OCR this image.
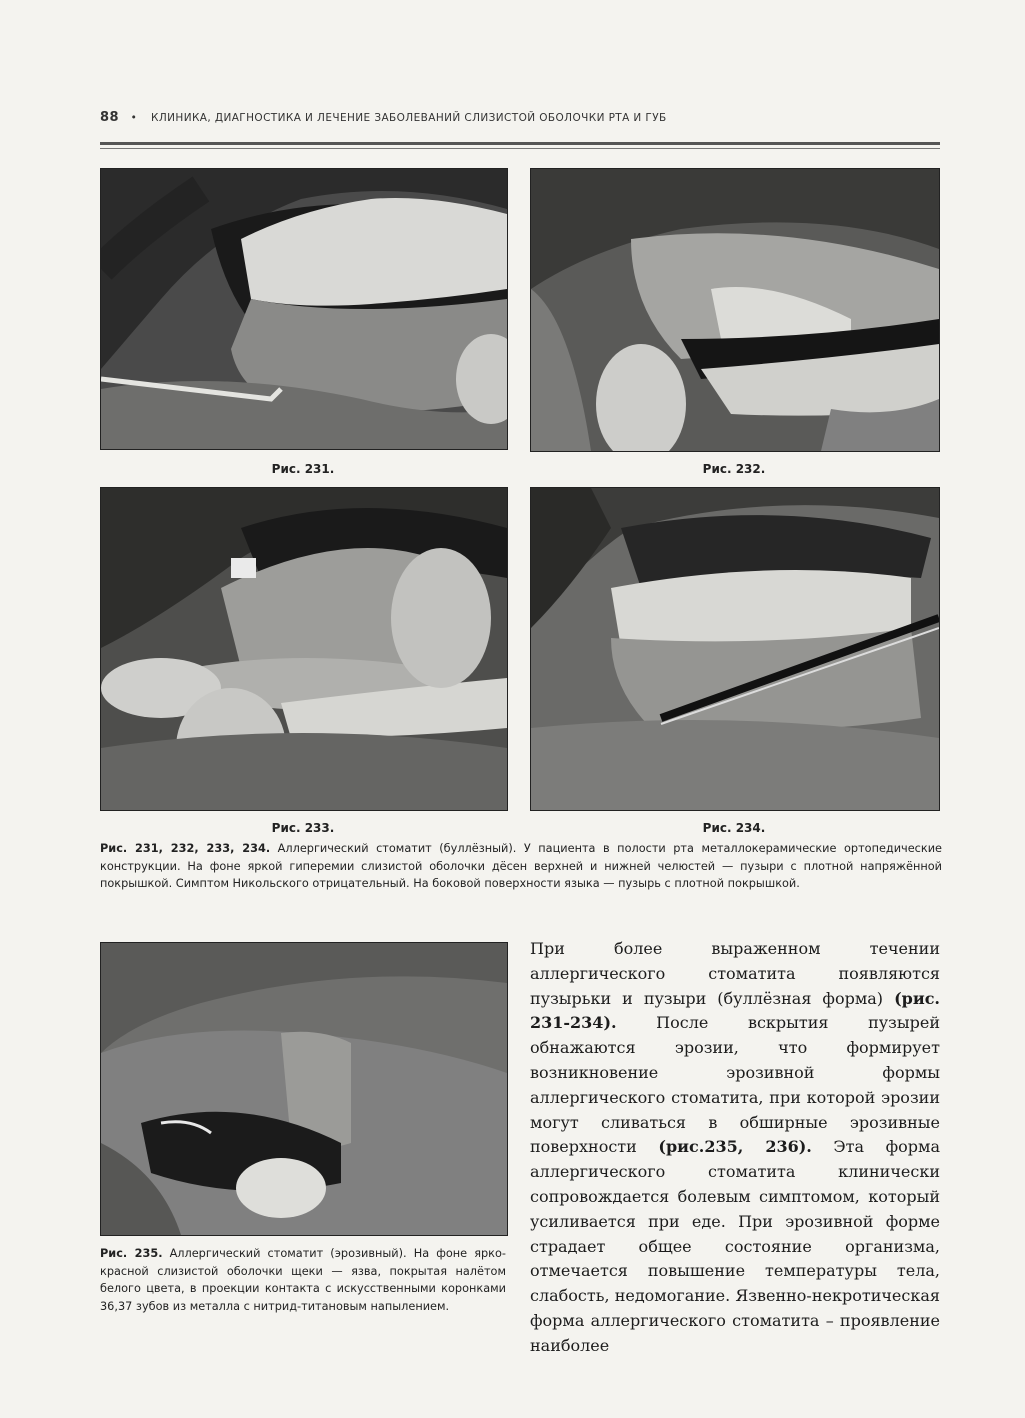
88 • КЛИНИКА, ДИАГНОСТИКА И ЛЕЧЕНИЕ ЗАБОЛЕВАНИЙ СЛИЗИСТОЙ ОБОЛОЧКИ РТА И ГУБ
Рис. 231.	Рис. 232.
Рис. 233.	Рис. 234.
Рис. 231, 232, 233, 234. Аллергический стоматит (буллёзный). У пациента в полости рта металлокерамические ортопедические конструкции. На фоне яркой гиперемии слизистой оболочки дёсен верхней и нижней челюстей — пузыри с плотной напряжённой покрышкой. Симптом Никольского отрицательный. На боковой поверхности языка — пузырь с плотной покрышкой.
Рис. 235. Аллергический стоматит (эрозивный). На фоне ярко-красной слизистой оболочки щеки — язва, покрытая налётом белого цвета, в проекции контакта с искусственными коронками 36,37 зубов из металла с нитрид-титановым напылением.
При более выраженном течении аллергического стоматита появляются пузырьки и пузыри (буллёзная форма) (рис. 231-234). После вскрытия пузырей обнажаются эрозии, что формирует возникновение эрозивной формы аллергического стоматита, при которой эрозии могут сливаться в обширные эрозивные поверхности (рис.235, 236). Эта форма аллергического стоматита клинически сопровождается болевым симптомом, который усиливается при еде. При эрозивной форме страдает общее состояние организма, отмечается повышение температуры тела, слабость, недомогание. Язвенно-некротическая форма аллергического стоматита – проявление наиболее
